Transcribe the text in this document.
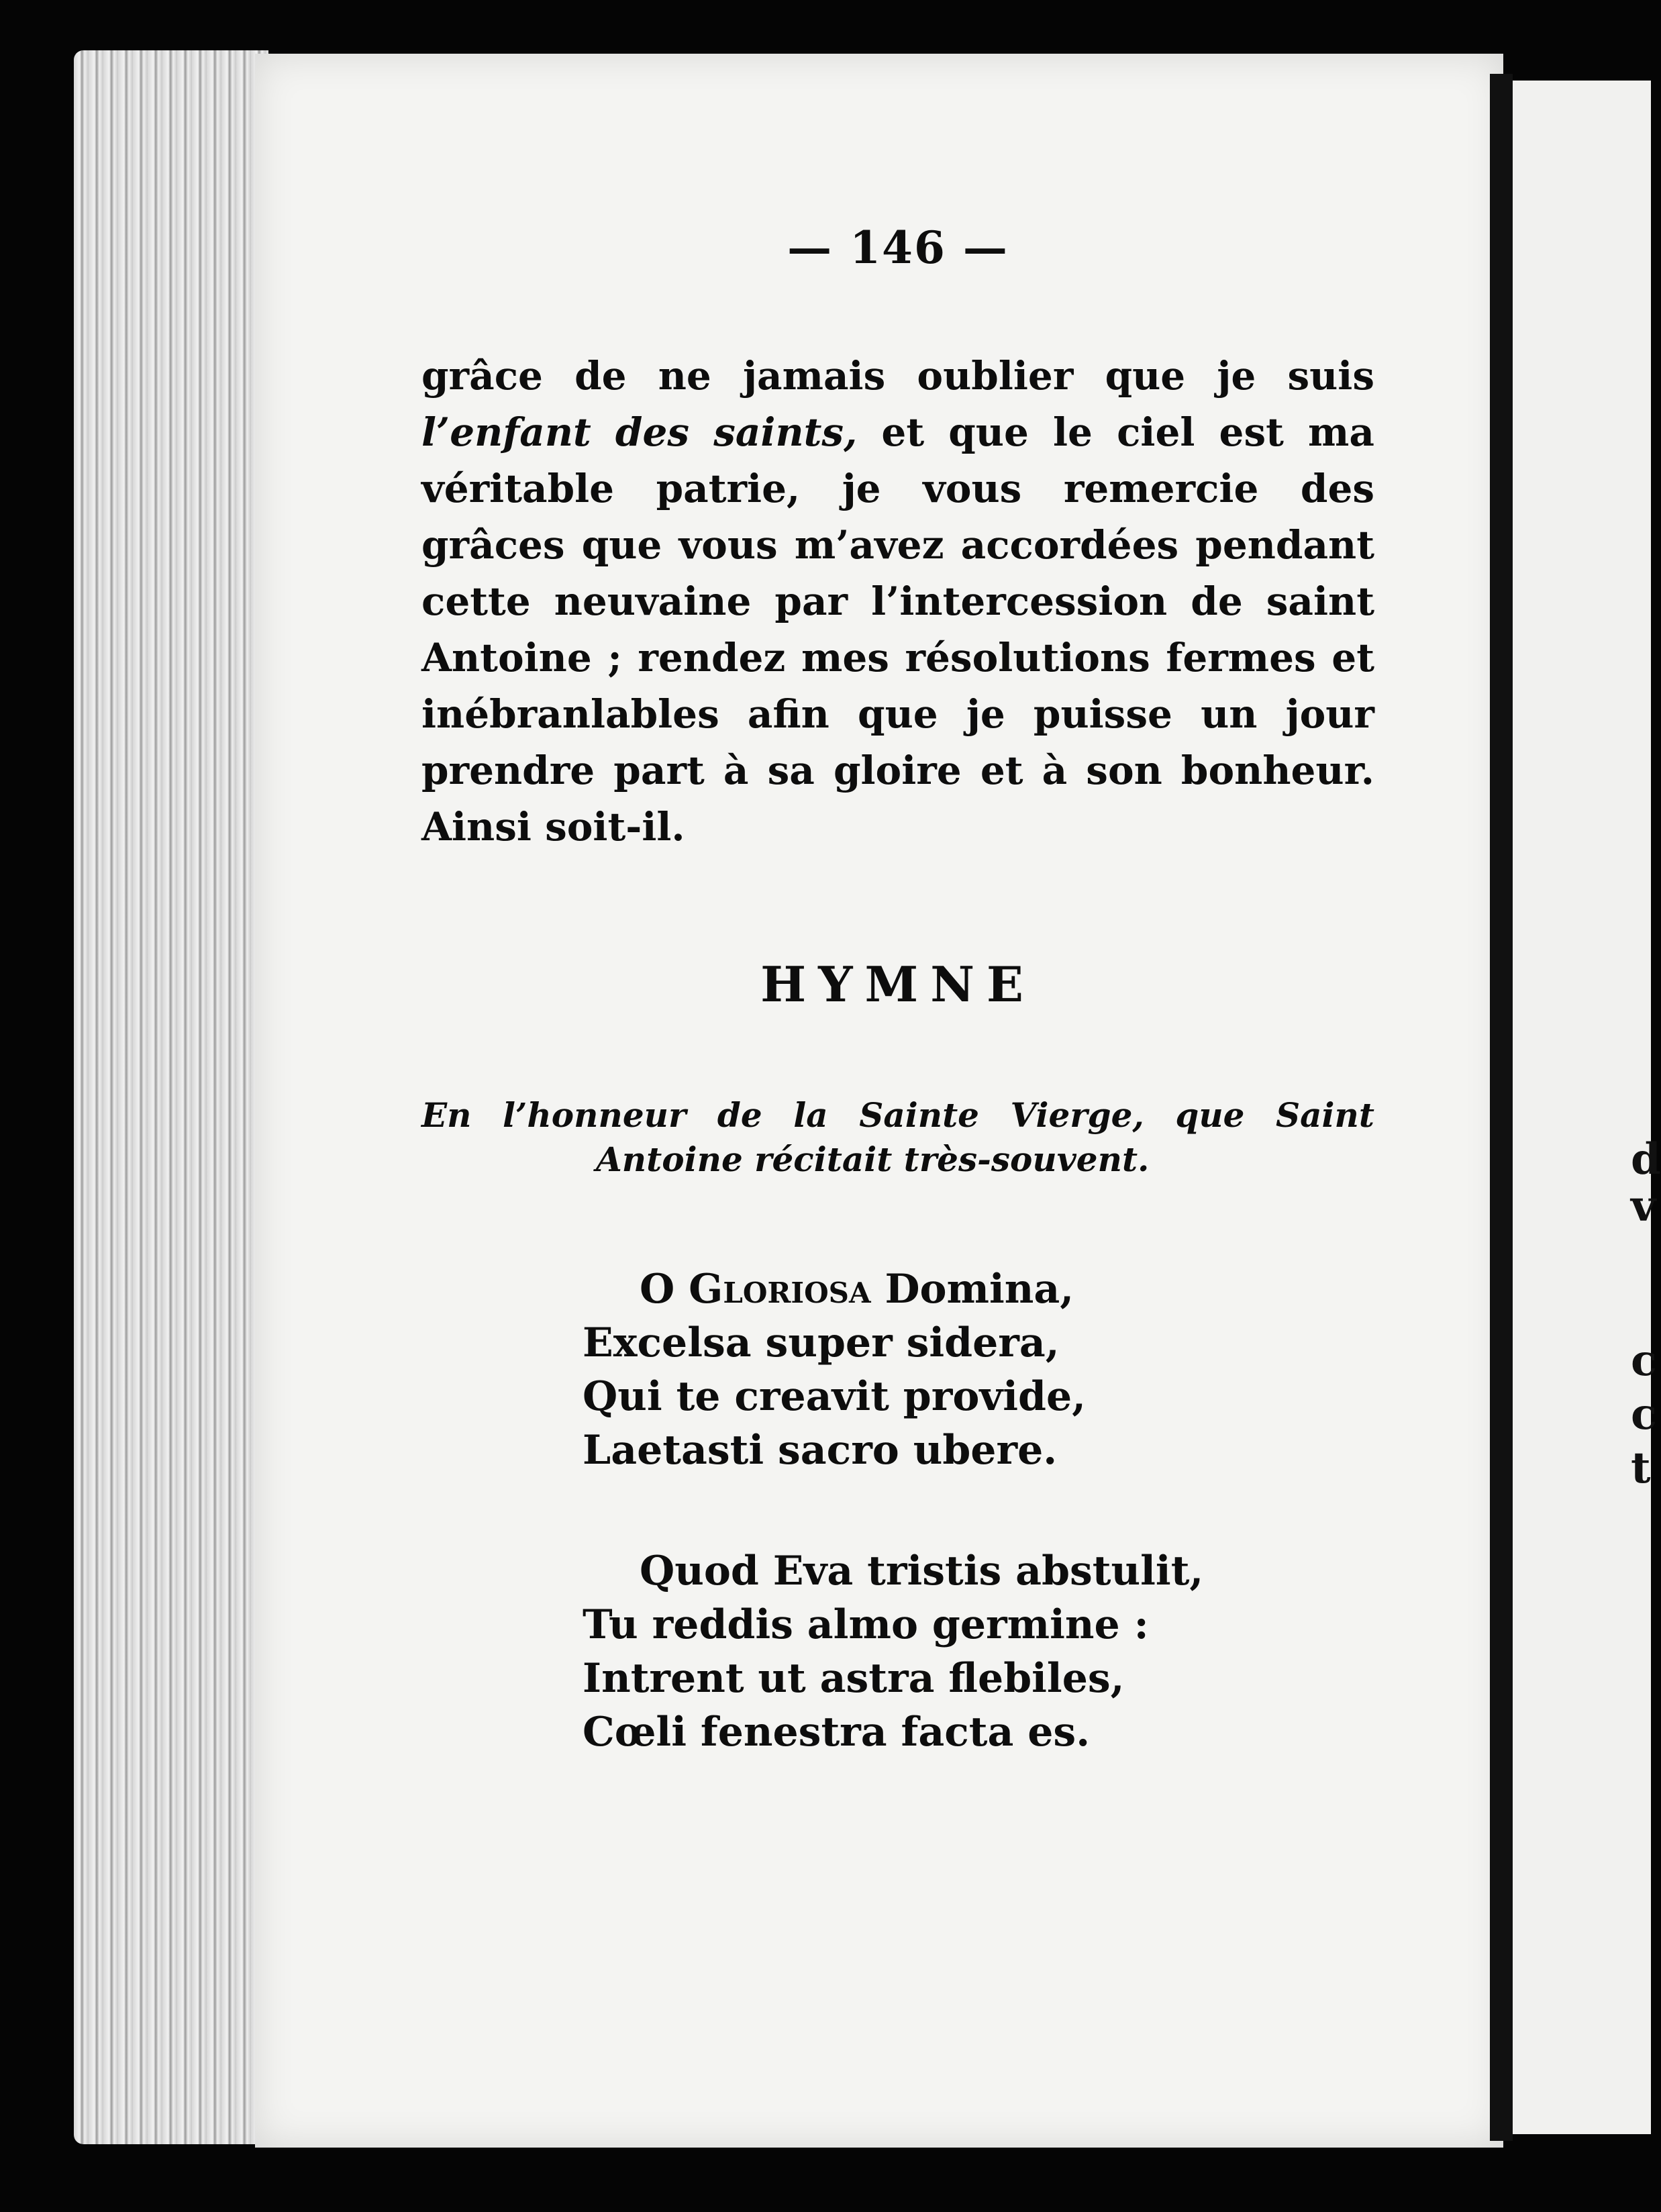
d
v
c
c
t
— 146 —

grâce de ne jamais oublier que je suis l’enfant des saints, et que le ciel est ma véritable patrie, je vous remercie des grâces que vous m’avez accordées pendant cette neuvaine par l’intercession de saint Antoine ; rendez mes résolutions fermes et inébranlables afin que je puisse un jour prendre part à sa gloire et à son bonheur. Ainsi soit-il.

HYMNE
En l’honneur de la Sainte Vierge, que Saint
Antoine récitait très-souvent.
O Gloriosa Domina,
Excelsa super sidera,
Qui te creavit provide,
Laetasti sacro ubere.
Quod Eva tristis abstulit,
Tu reddis almo germine :
Intrent ut astra flebiles,
Cœli fenestra facta es.
